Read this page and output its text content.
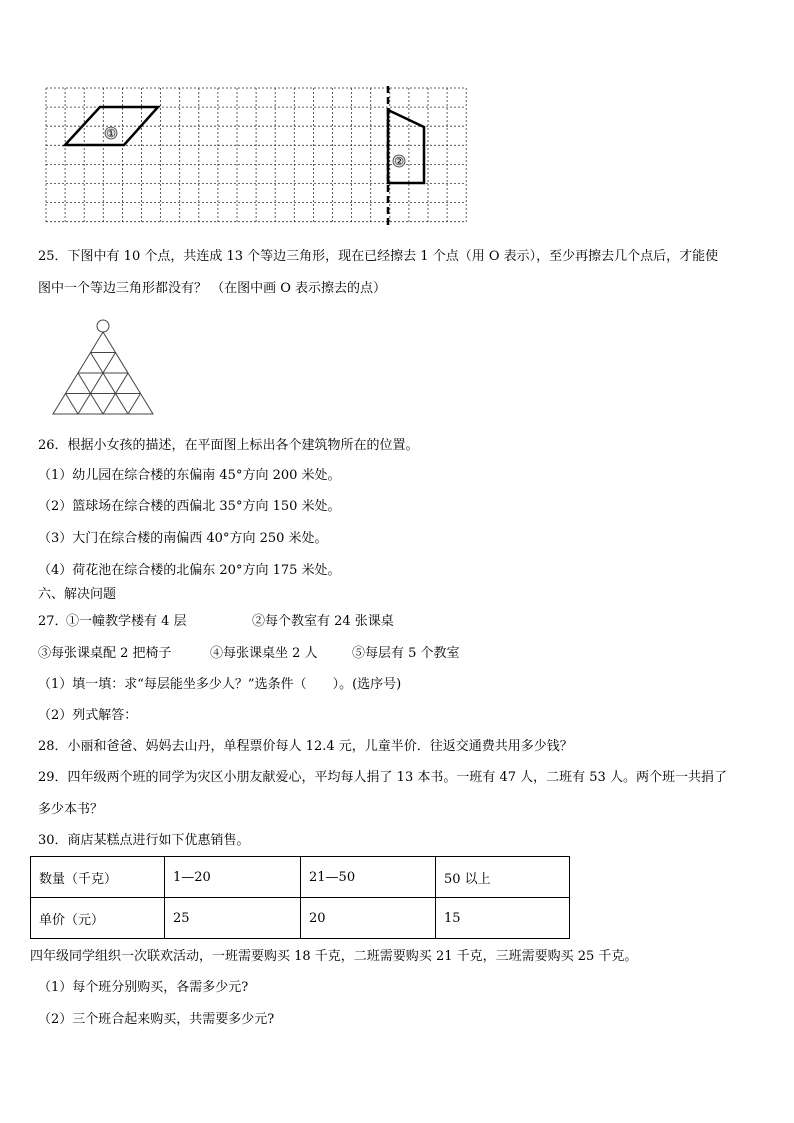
①
②
25．下图中有 10 个点，共连成 13 个等边三角形，现在已经擦去 1 个点（用 O 表示），至少再擦去几个点后，才能使
图中一个等边三角形都没有？ （在图中画 O 表示擦去的点）
26．根据小女孩的描述，在平面图上标出各个建筑物所在的位置。
（1）幼儿园在综合楼的东偏南 45°方向 200 米处。
（2）篮球场在综合楼的西偏北 35°方向 150 米处。
（3）大门在综合楼的南偏西 40°方向 250 米处。
（4）荷花池在综合楼的北偏东 20°方向 175 米处。
六、解决问题
27．
①一幢教学楼有 4 层	②每个教室有 24 张课桌
③每张课桌配 2 把椅子	④每张课桌坐 2 人	⑤每层有 5 个教室
（1）填一填：求“每层能坐多少人？”选条件（　　）。(选序号)
（2）列式解答：
28．小丽和爸爸、妈妈去山丹，单程票价每人 12.4 元，儿童半价．往返交通费共用多少钱？
29．四年级两个班的同学为灾区小朋友献爱心，平均每人捐了 13 本书。一班有 47 人，二班有 53 人。两个班一共捐了
多少本书？
30．商店某糕点进行如下优惠销售。
数量（千克）	1—20	21—50	50 以上
单价（元）	25	20	15
四年级同学组织一次联欢活动，一班需要购买 18 千克，二班需要购买 21 千克，三班需要购买 25 千克。
（1）每个班分别购买，各需多少元?
（2）三个班合起来购买，共需要多少元?
